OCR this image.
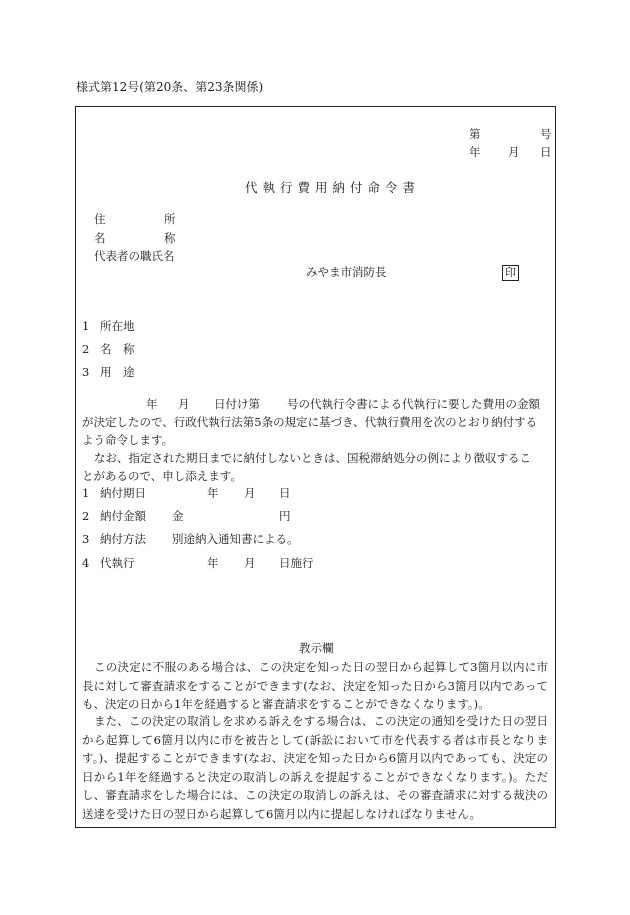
様式第12号(第20条、第23条関係)
第	号
年 月 日
代執行費用納付命令書
住	所
名	称
代表者の職氏名
みやま市消防長	印
1 所在地
2 名　称
3 用　途
年 月 日付け第 号の代執行令書による代執行に要した費用の金額
が決定したので、行政代執行法第5条の規定に基づき、代執行費用を次のとおり納付する
よう命令します。
なお、指定された期日までに納付しないときは、国税滞納処分の例により徴収するこ
とがあるので、申し添えます。
1 納付期日	年 月 日
2 納付金額 金	円
3 納付方法 別途納入通知書による。
4 代執行	年 月 日施行
教示欄

この決定に不服のある場合は、この決定を知った日の翌日から起算して3箇月以内に市長に対して審査請求をすることができます(なお、決定を知った日から3箇月以内であっても、決定の日から1年を経過すると審査請求をすることができなくなります。)。

また、この決定の取消しを求める訴えをする場合は、この決定の通知を受けた日の翌日から起算して6箇月以内に市を被告として(訴訟において市を代表する者は市長となります。)、提起することができます(なお、決定を知った日から6箇月以内であっても、決定の日から1年を経過すると決定の取消しの訴えを提起することができなくなります。)。ただし、審査請求をした場合には、この決定の取消しの訴えは、その審査請求に対する裁決の送達を受けた日の翌日から起算して6箇月以内に提起しなければなりません。
